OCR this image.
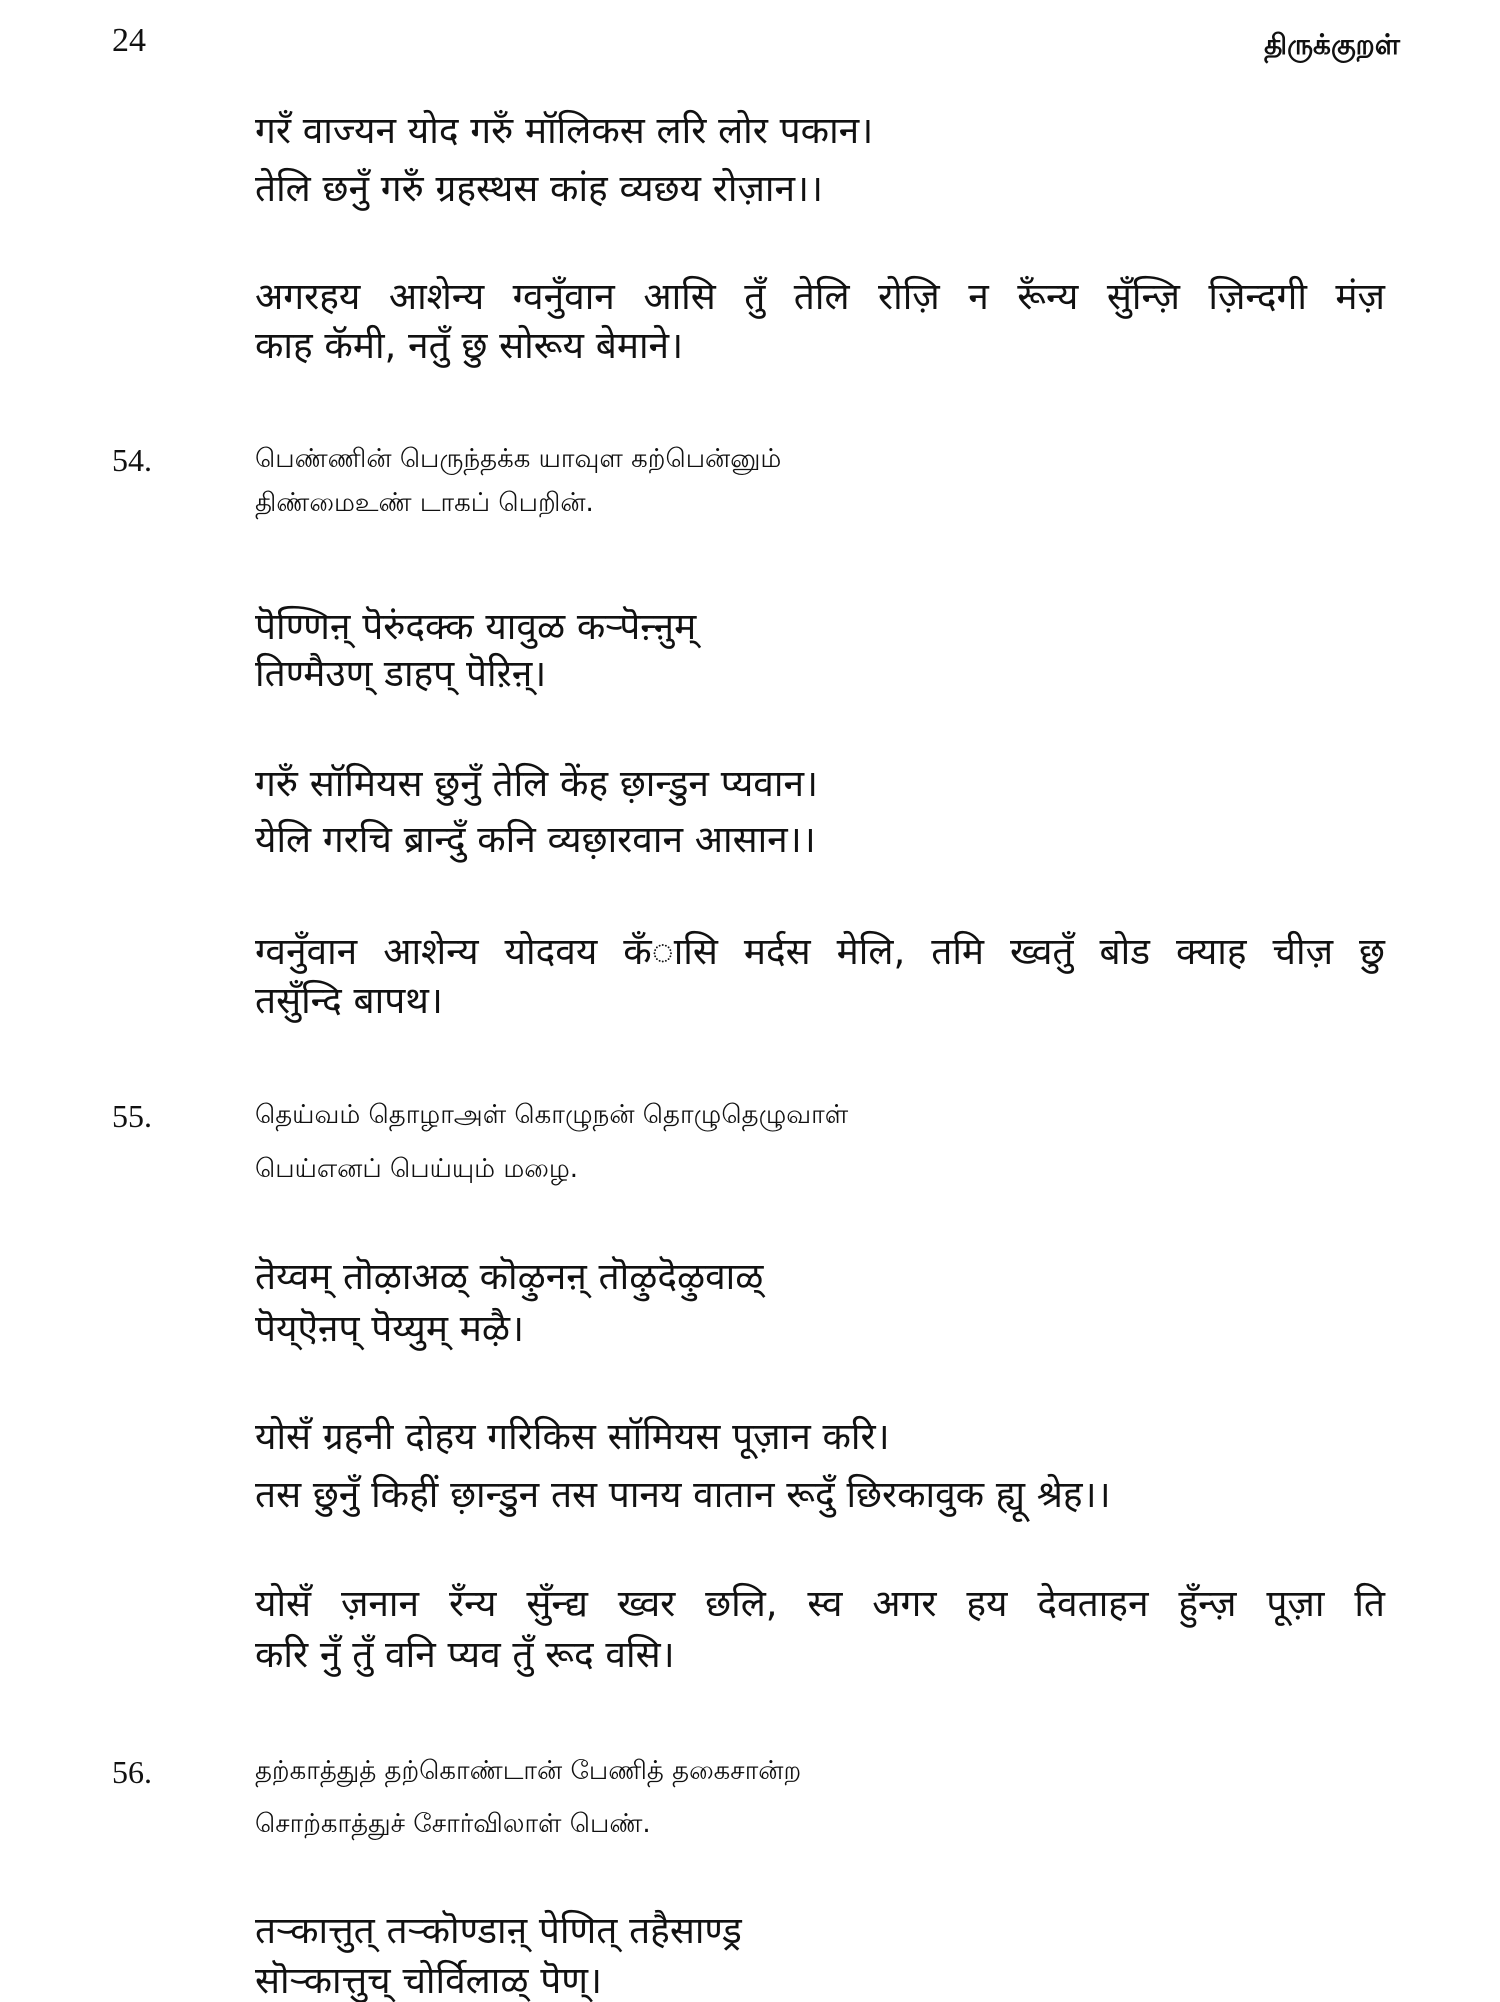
24	திருக்குறள்
गरँ वाज्यन योद गरुँ मॉलिकस लरि लोर पकान।
तेलि छनुँ गरुँ ग्रहस्थस कांह व्यछय रोज़ान।।
अगरहय आशेन्य ग्वनुँवान आसि तुँ तेलि रोज़ि न रूँन्य सुँन्ज़ि ज़िन्दगी मंज़
काह कॅमी, नतुँ छु सोरूय बेमाने।
54.	பெண்ணின் பெருந்தக்க யாவுள கற்பென்னும்
திண்மைஉண் டாகப் பெறின்.
पॆण्णिऩ् पॆरुंदक्क यावुळ कऱ्पॆऩ्ऩुम्
तिण्मैउण् डाहप् पॆऱिऩ्।
गरुँ सॉमियस छुनुँ तेलि केंह छ़ान्डुन प्यवान।
येलि गरचि ब्रान्दुँ कनि व्यछ़ारवान आसान।।
ग्वनुँवान आशेन्य योदवय कँासि मर्दस मेलि, तमि ख्वतुँ बोड क्याह चीज़ छु
तसुँन्दि बापथ।
55.	தெய்வம் தொழாஅள் கொழுநன் தொழுதெழுவாள்
பெய்எனப் பெய்யும் மழை.
तॆय्वम् तॊऴाअळ् कॊऴुनऩ् तॊऴुदॆऴुवाळ्
पॆय्ऎऩप् पॆय्युम् मऴै।
योसँ ग्रहनी दोहय गरिकिस सॉमियस पूज़ान करि।
तस छुनुँ किहीं छ़ान्डुन तस पानय वातान रूदुँ छिरकावुक ह्यू श्रेह।।
योसँ ज़नान रँन्य सुँन्द्य ख्वर छलि, स्व अगर हय देवताहन हुँन्ज़ पूज़ा ति
करि नुँ तुँ वनि प्यव तुँ रूद वसि।
56.	தற்காத்துத் தற்கொண்டான் பேணித் தகைசான்ற
சொற்காத்துச் சோர்விலாள் பெண்.
तऱ्कात्तुत् तऱ्कॊण्डाऩ् पेणित् तहैसाण्ड्र
सॊऱ्कात्तुच् चोर्विलाळ् पॆण्।
